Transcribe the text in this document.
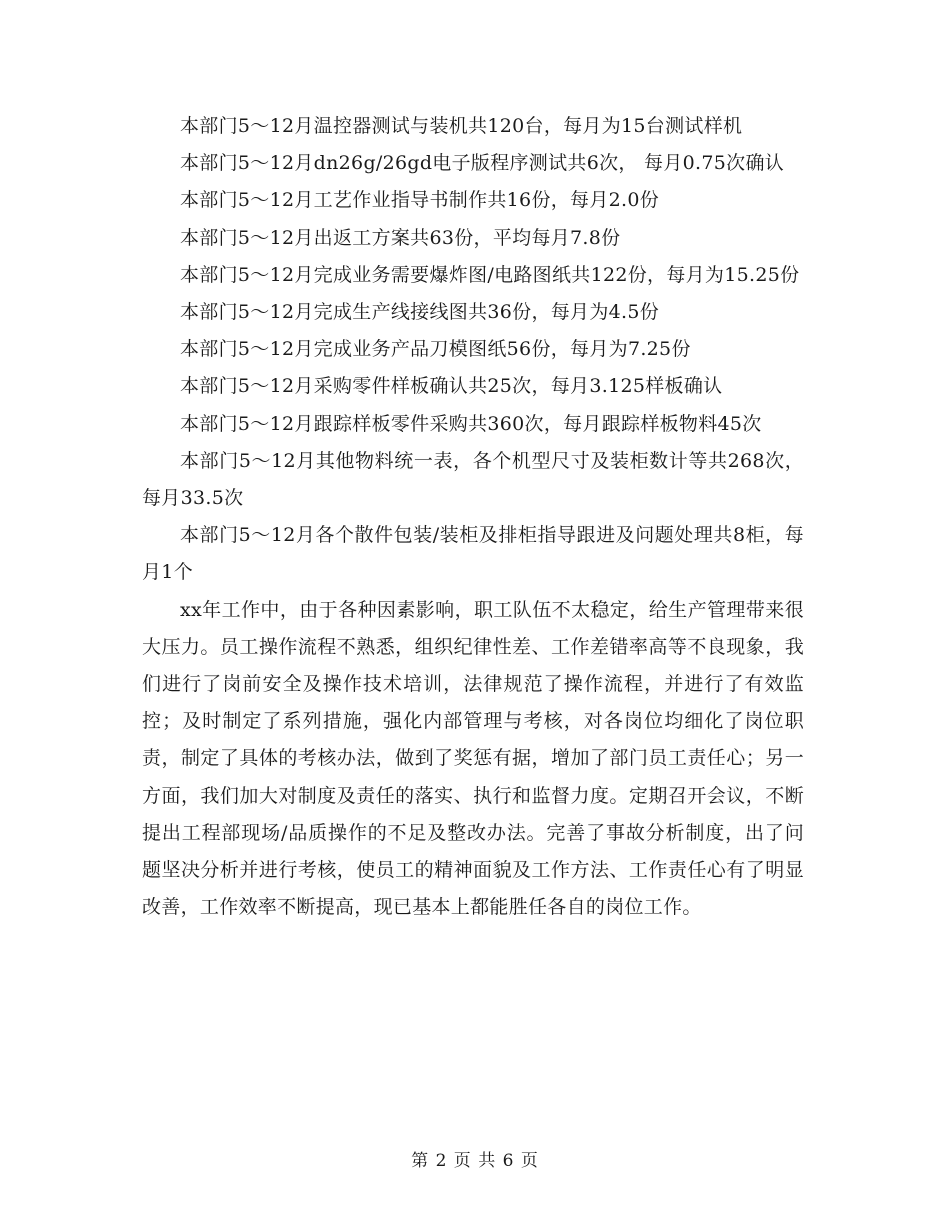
本部门5～12月温控器测试与装机共120台，每月为15台测试样机

本部门5～12月dn26g/26gd电子版程序测试共6次， 每月0.75次确认

本部门5～12月工艺作业指导书制作共16份，每月2.0份

本部门5～12月出返工方案共63份，平均每月7.8份

本部门5～12月完成业务需要爆炸图/电路图纸共122份，每月为15.25份

本部门5～12月完成生产线接线图共36份，每月为4.5份

本部门5～12月完成业务产品刀模图纸56份，每月为7.25份

本部门5～12月采购零件样板确认共25次，每月3.125样板确认

本部门5～12月跟踪样板零件采购共360次，每月跟踪样板物料45次

本部门5～12月其他物料统一表，各个机型尺寸及装柜数计等共268次，每月33.5次

本部门5～12月各个散件包装/装柜及排柜指导跟进及问题处理共8柜，每月1个

xx年工作中，由于各种因素影响，职工队伍不太稳定，给生产管理带来很大压力。员工操作流程不熟悉，组织纪律性差、工作差错率高等不良现象，我们进行了岗前安全及操作技术培训，法律规范了操作流程，并进行了有效监控；及时制定了系列措施，强化内部管理与考核，对各岗位均细化了岗位职责，制定了具体的考核办法，做到了奖惩有据，增加了部门员工责任心；另一方面，我们加大对制度及责任的落实、执行和监督力度。定期召开会议，不断提出工程部现场/品质操作的不足及整改办法。完善了事故分析制度，出了问题坚决分析并进行考核，使员工的精神面貌及工作方法、工作责任心有了明显改善，工作效率不断提高，现已基本上都能胜任各自的岗位工作。

第 2 页 共 6 页
